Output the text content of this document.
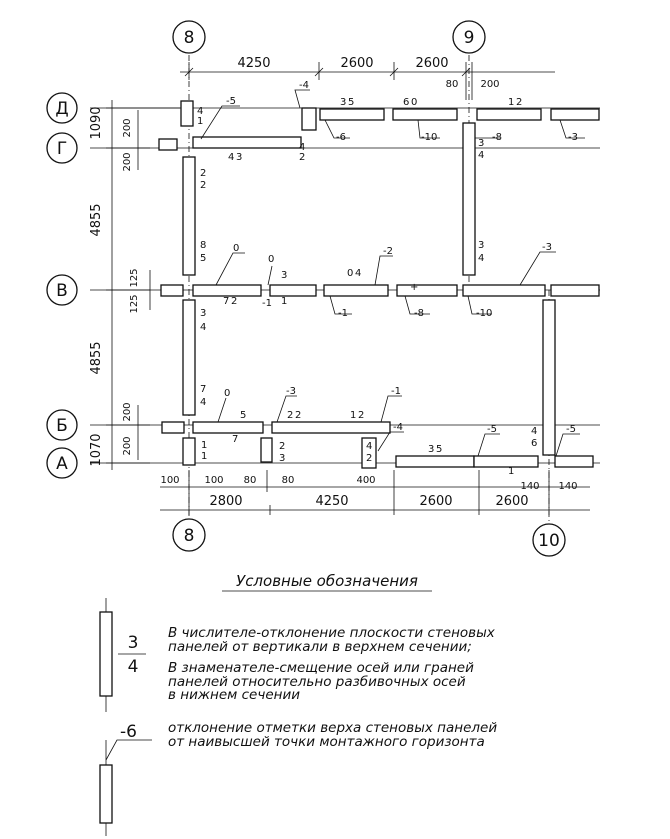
8	9
8	10
Д
Г
В
Б
А
4250	2600	2600
80 200
1090 200
200
4855
125
125
4855
200
200
1070
100 100 80	80	400
140 140
2800	4250	2600	2600
4
1
4
2
4 3
3 5	6 0	1 2
3
4
2
2
8
5
3
1
0 4
3
4
3
4
7
4
2 2	1 2
1
1
2
3
4
2
3 5
4
6
7 2
7
5
-4
-5
-6	-10	-8	-3
0
0	-2
-1	-8	-10
-3
0	-3	-1
-4	-5	-5
-1
+
1
Условные обозначения
3
4
В числителе-отклонение плоскости стеновых
панелей от вертикали в верхнем сечении;
В знаменателе-смещение осей или граней
панелей относительно разбивочных осей
в нижнем сечении
-6 отклонение отметки верха стеновых панелей
от наивысшей точки монтажного горизонта
